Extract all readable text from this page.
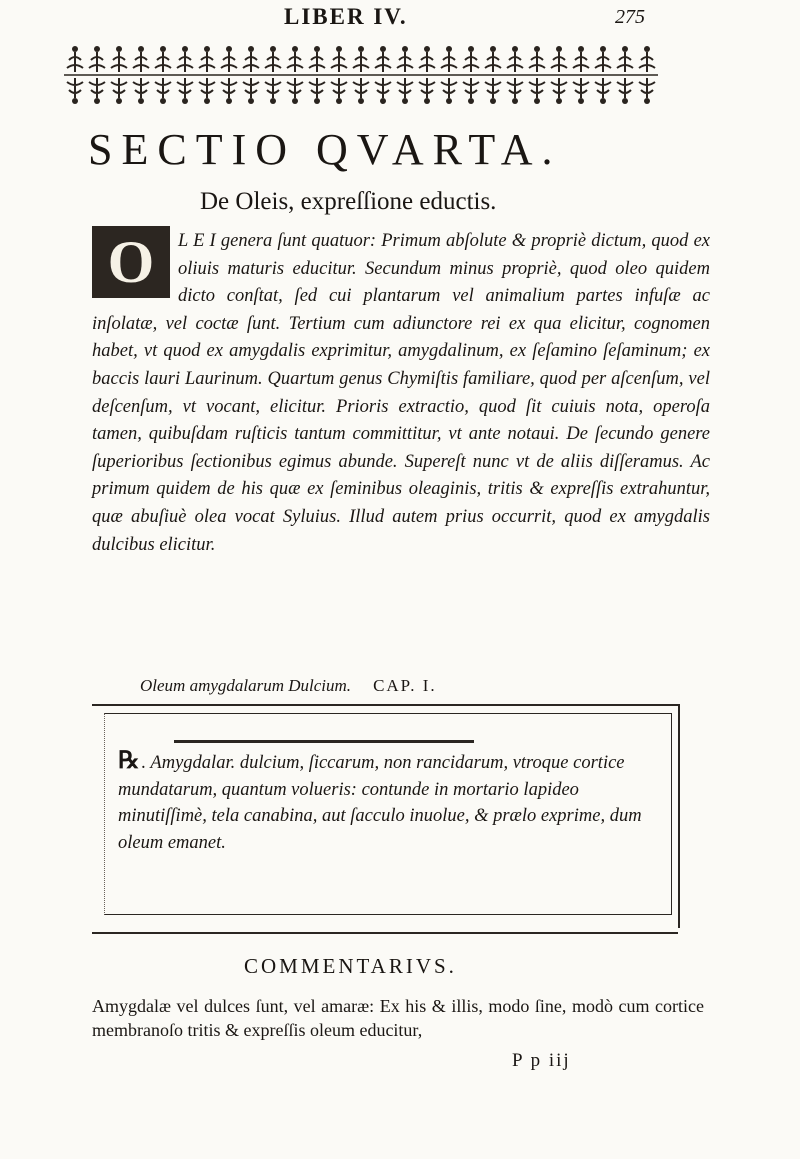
LIBER IV.	275
SECTIO QVARTA.
De Oleis, expreſſione eductis.
O	L E I genera ſunt quatuor: Primum abſolute & propriè dictum, quod ex oliuis maturis educitur. Secundum minus propriè, quod oleo quidem dicto conſtat, ſed cui plantarum vel animalium partes infuſæ ac inſolatæ, vel coctæ ſunt. Tertium cum adiunctore rei ex qua elicitur, cognomen habet, vt quod ex amygdalis exprimitur, amygdalinum, ex ſeſamino ſeſaminum; ex baccis lauri Laurinum. Quartum genus Chymiſtis familiare, quod per aſcenſum, vel deſcenſum, vt vocant, elicitur. Prioris extractio, quod ſit cuiuis nota, operoſa tamen, quibuſdam ruſticis tantum committitur, vt ante notaui. De ſecundo genere ſuperioribus ſectionibus egimus abunde. Supereſt nunc vt de aliis diſſeramus. Ac primum quidem de his quæ ex ſeminibus oleaginis, tritis & expreſſis extrahuntur, quæ abuſiuè olea vocat Syluius. Illud autem prius occurrit, quod ex amygdalis dulcibus elicitur.
Oleum amygdalarum Dulcium. CAP. I.
℞ . Amygdalar. dulcium, ſiccarum, non rancidarum, vtroque cortice mundatarum, quantum volueris: contunde in mortario lapideo minutiſſimè, tela canabina, aut ſacculo inuolue, & prælo exprime, dum oleum emanet.
COMMENTARIVS.
Amygdalæ vel dulces ſunt, vel amaræ: Ex his & illis, modo ſine, modò cum cortice membranoſo tritis & expreſſis oleum educitur,
P p iij
